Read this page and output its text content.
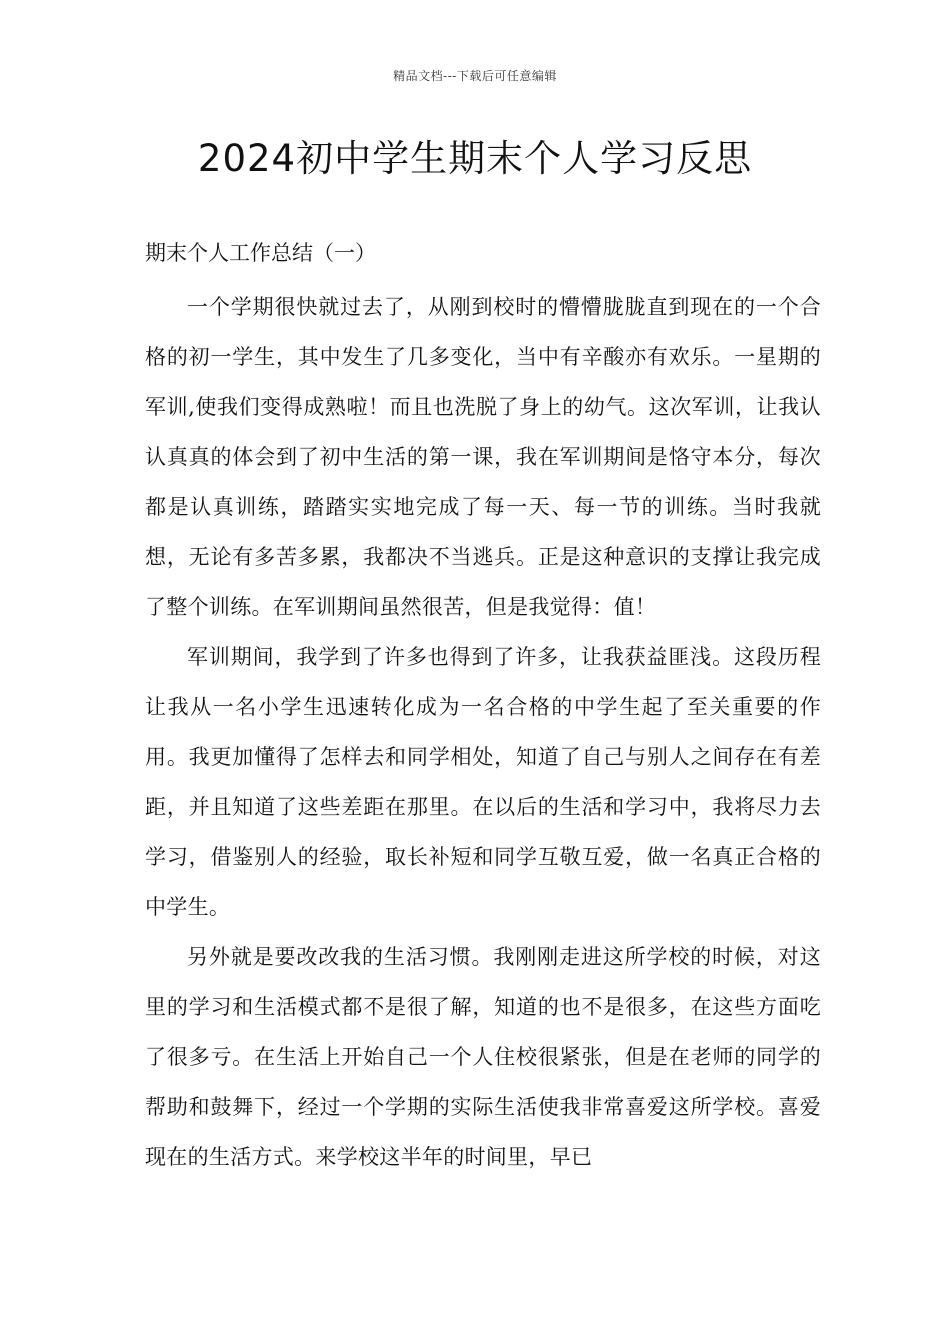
精品文档---下载后可任意编辑
2024初中学生期末个人学习反思
期末个人工作总结（一）

一个学期很快就过去了，从刚到校时的懵懵胧胧直到现在的一个合格的初一学生，其中发生了几多变化，当中有辛酸亦有欢乐。一星期的军训,使我们变得成熟啦！而且也洗脱了身上的幼气。这次军训，让我认认真真的体会到了初中生活的第一课，我在军训期间是恪守本分，每次都是认真训练，踏踏实实地完成了每一天、每一节的训练。当时我就想，无论有多苦多累，我都决不当逃兵。正是这种意识的支撑让我完成了整个训练。在军训期间虽然很苦，但是我觉得：值！

军训期间，我学到了许多也得到了许多，让我获益匪浅。这段历程让我从一名小学生迅速转化成为一名合格的中学生起了至关重要的作用。我更加懂得了怎样去和同学相处，知道了自己与别人之间存在有差距，并且知道了这些差距在那里。在以后的生活和学习中，我将尽力去学习，借鉴别人的经验，取长补短和同学互敬互爱，做一名真正合格的中学生。

另外就是要改改我的生活习惯。我刚刚走进这所学校的时候，对这里的学习和生活模式都不是很了解，知道的也不是很多，在这些方面吃了很多亏。在生活上开始自己一个人住校很紧张，但是在老师的同学的帮助和鼓舞下，经过一个学期的实际生活使我非常喜爱这所学校。喜爱现在的生活方式。来学校这半年的时间里，早已
